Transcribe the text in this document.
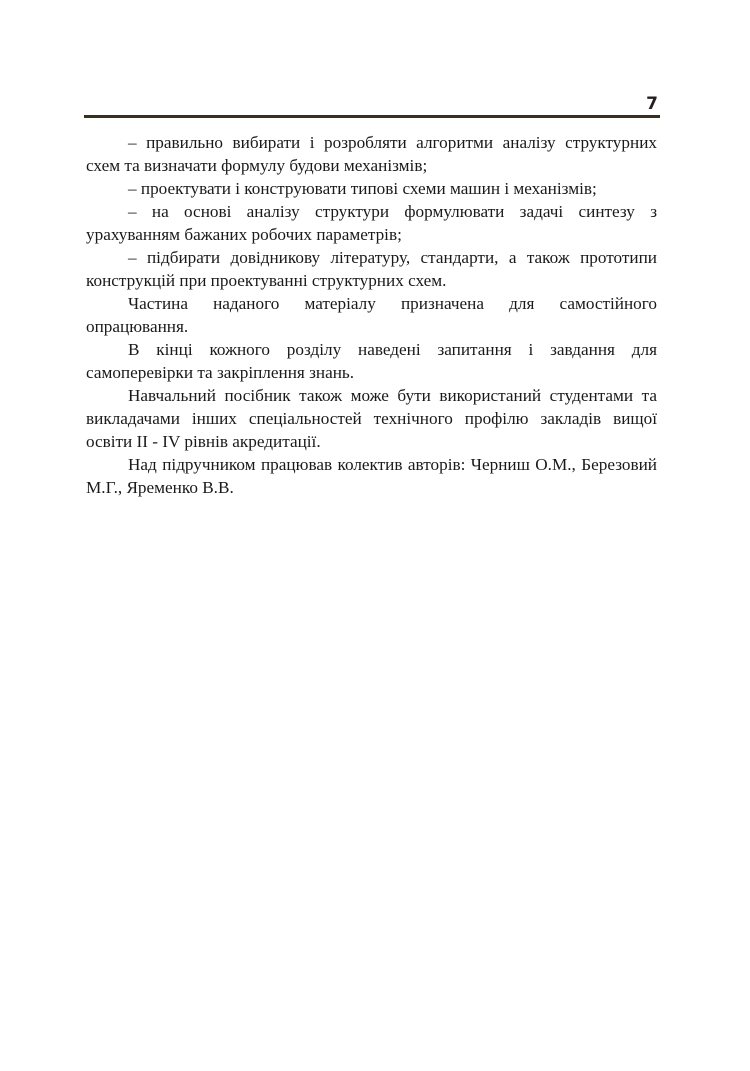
7

– правильно вибирати і розробляти алгоритми аналізу структурних схем та визначати формулу будови механізмів;

– проектувати і конструювати типові схеми машин і механізмів;

– на основі аналізу структури формулювати задачі синтезу з урахуванням бажаних робочих параметрів;

– підбирати довідникову літературу, стандарти, а також прототипи конструкцій при проектуванні структурних схем.

Частина наданого матеріалу призначена для самостійного опрацювання.

В кінці кожного розділу наведені запитання і завдання для самоперевірки та закріплення знань.

Навчальний посібник також може бути використаний студентами та викладачами інших спеціальностей технічного профілю закладів вищої освіти ІІ - IV рівнів акредитації.

Над підручником працював колектив авторів: Черниш О.М., Березовий М.Г., Яременко В.В.
